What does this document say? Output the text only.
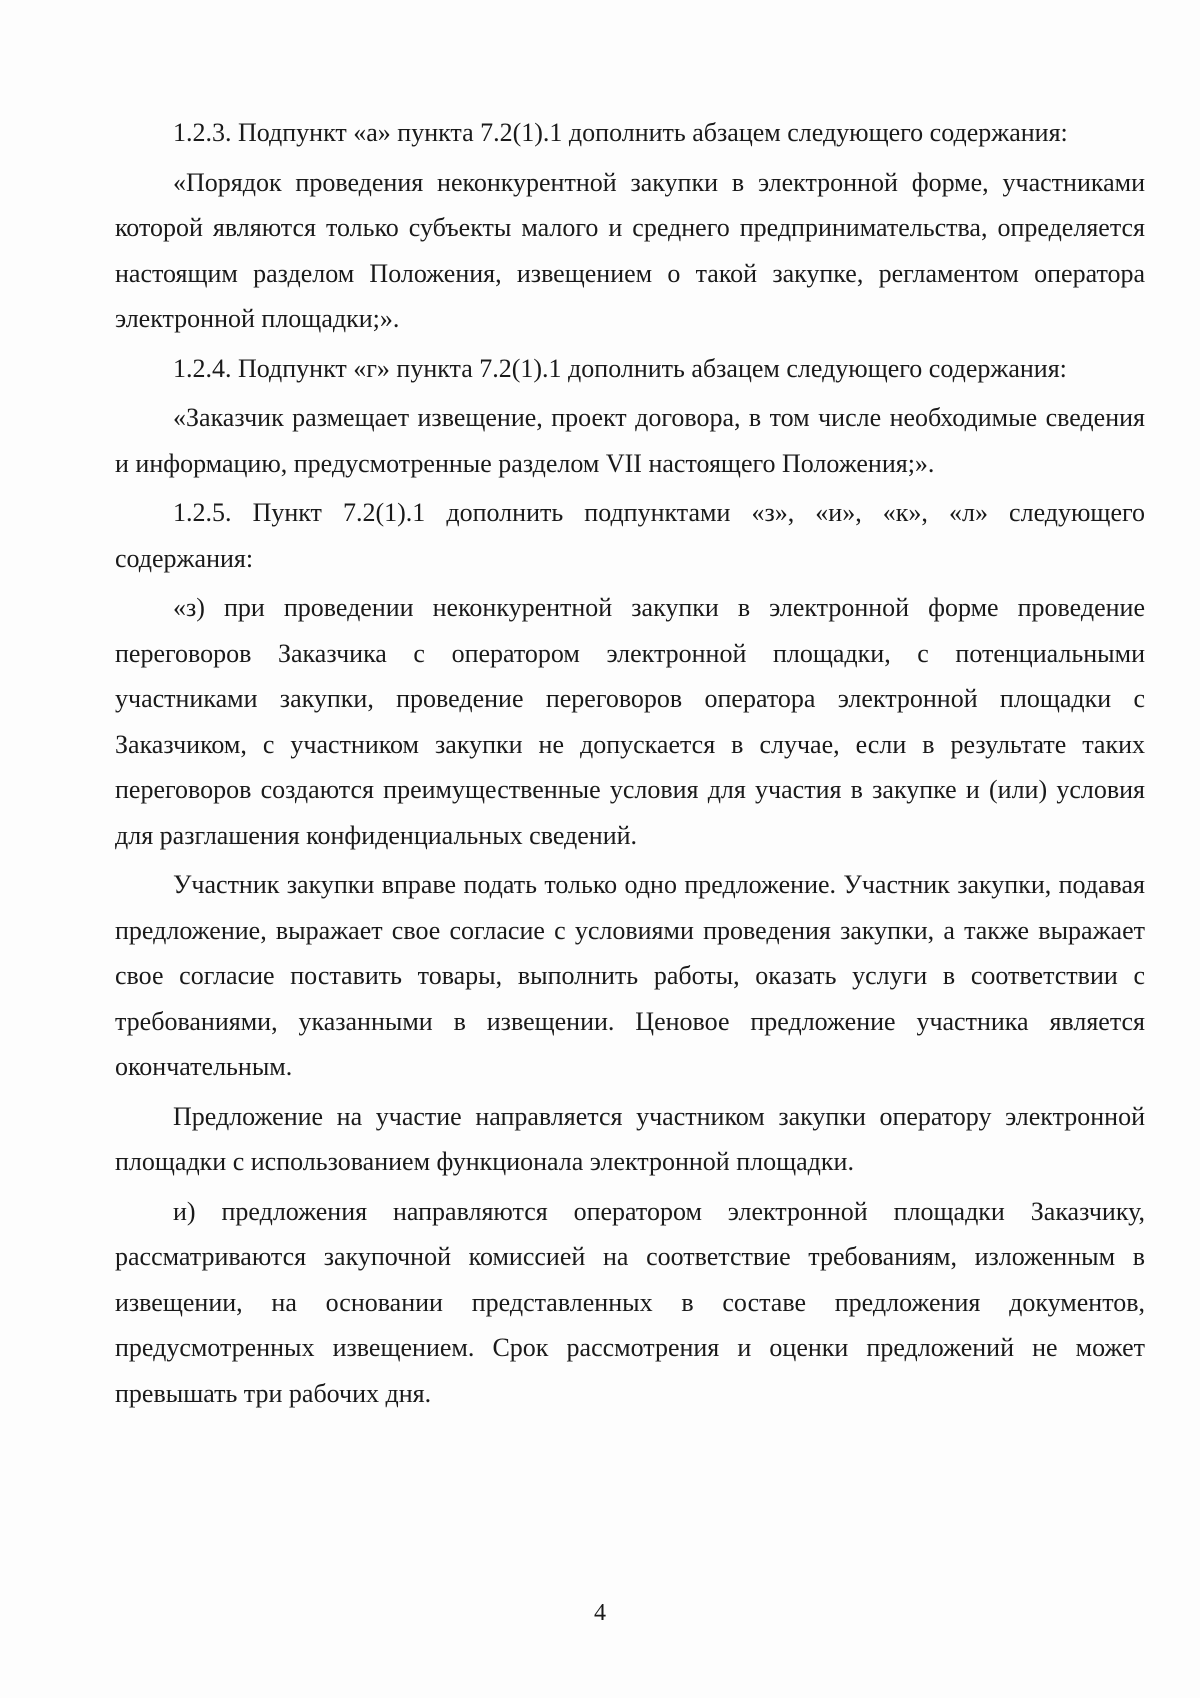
1.2.3. Подпункт «а» пункта 7.2(1).1 дополнить абзацем следующего содержания:

«Порядок проведения неконкурентной закупки в электронной форме, участниками которой являются только субъекты малого и среднего предпринимательства, определяется настоящим разделом Положения, извещением о такой закупке, регламентом оператора электронной площадки;».

1.2.4. Подпункт «г» пункта 7.2(1).1 дополнить абзацем следующего содержания:

«Заказчик размещает извещение, проект договора, в том числе необходимые сведения и информацию, предусмотренные разделом VII настоящего Положения;».

1.2.5. Пункт 7.2(1).1 дополнить подпунктами «з», «и», «к», «л» следующего содержания:

«з) при проведении неконкурентной закупки в электронной форме проведение переговоров Заказчика с оператором электронной площадки, с потенциальными участниками закупки, проведение переговоров оператора электронной площадки с Заказчиком, с участником закупки не допускается в случае, если в результате таких переговоров создаются преимущественные условия для участия в закупке и (или) условия для разглашения конфиденциальных сведений.

Участник закупки вправе подать только одно предложение. Участник закупки, подавая предложение, выражает свое согласие с условиями проведения закупки, а также выражает свое согласие поставить товары, выполнить работы, оказать услуги в соответствии с требованиями, указанными в извещении. Ценовое предложение участника является окончательным.

Предложение на участие направляется участником закупки оператору электронной площадки с использованием функционала электронной площадки.

и) предложения направляются оператором электронной площадки Заказчику, рассматриваются закупочной комиссией на соответствие требованиям, изложенным в извещении, на основании представленных в составе предложения документов, предусмотренных извещением. Срок рассмотрения и оценки предложений не может превышать три рабочих дня.

4
